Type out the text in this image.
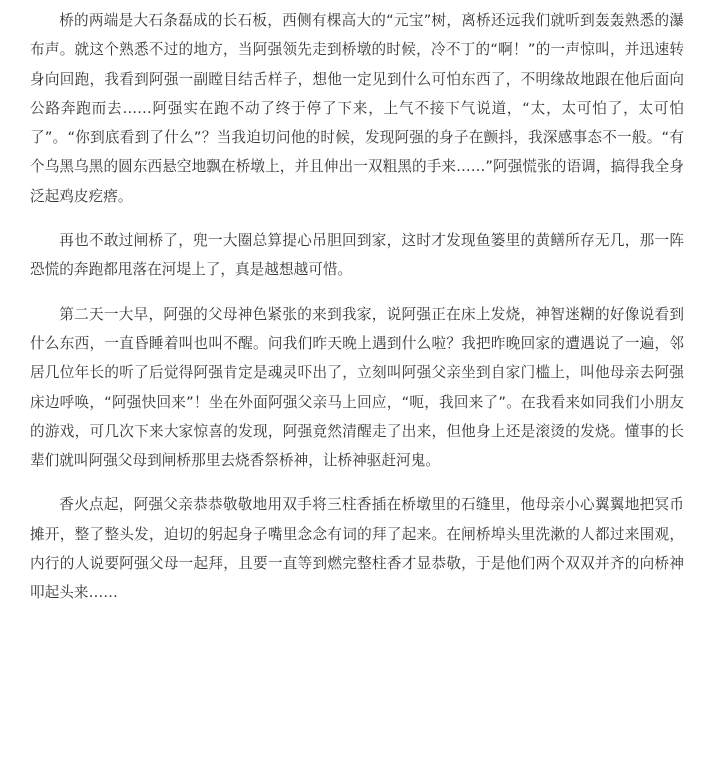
桥的两端是大石条磊成的长石板，西侧有棵高大的“元宝”树，离桥还远我们就听到轰轰熟悉的瀑布声。就这个熟悉不过的地方，当阿强领先走到桥墩的时候，冷不丁的“啊！”的一声惊叫，并迅速转身向回跑，我看到阿强一副瞠目结舌样子，想他一定见到什么可怕东西了，不明缘故地跟在他后面向公路奔跑而去……阿强实在跑不动了终于停了下来，上气不接下气说道，“太，太可怕了，太可怕了”。“你到底看到了什么”？当我迫切问他的时候，发现阿强的身子在颤抖，我深感事态不一般。“有个乌黑乌黑的圆东西悬空地飘在桥墩上，并且伸出一双粗黑的手来……”阿强慌张的语调，搞得我全身泛起鸡皮疙瘩。

再也不敢过闸桥了，兜一大圈总算提心吊胆回到家，这时才发现鱼篓里的黄鳝所存无几，那一阵恐慌的奔跑都甩落在河堤上了，真是越想越可惜。

第二天一大早，阿强的父母神色紧张的来到我家，说阿强正在床上发烧，神智迷糊的好像说看到什么东西，一直昏睡着叫也叫不醒。问我们昨天晚上遇到什么啦？我把昨晚回家的遭遇说了一遍，邻居几位年长的听了后觉得阿强肯定是魂灵吓出了，立刻叫阿强父亲坐到自家门槛上，叫他母亲去阿强床边呼唤，“阿强快回来”！坐在外面阿强父亲马上回应，“呃，我回来了”。在我看来如同我们小朋友的游戏，可几次下来大家惊喜的发现，阿强竟然清醒走了出来，但他身上还是滚烫的发烧。懂事的长辈们就叫阿强父母到闸桥那里去烧香祭桥神，让桥神驱赶河鬼。

香火点起，阿强父亲恭恭敬敬地用双手将三柱香插在桥墩里的石缝里，他母亲小心翼翼地把冥币摊开，整了整头发，迫切的躬起身子嘴里念念有词的拜了起来。在闸桥埠头里洗漱的人都过来围观，内行的人说要阿强父母一起拜，且要一直等到燃完整柱香才显恭敬，于是他们两个双双并齐的向桥神叩起头来……
